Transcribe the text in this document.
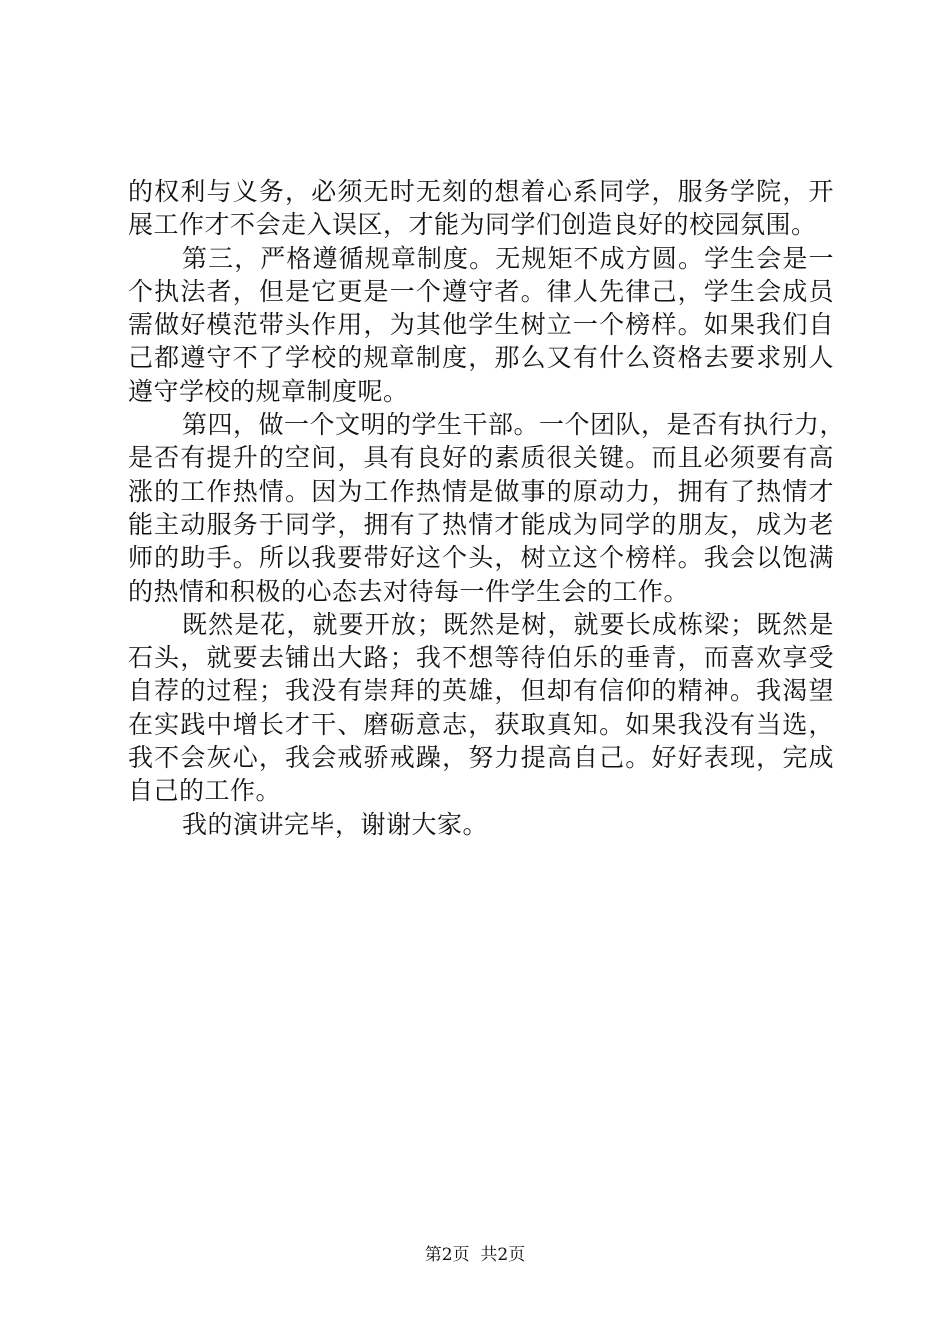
的权利与义务，必须无时无刻的想着心系同学，服务学院，开
展工作才不会走入误区，才能为同学们创造良好的校园氛围。
第三，严格遵循规章制度。无规矩不成方圆。学生会是一
个执法者，但是它更是一个遵守者。律人先律己，学生会成员
需做好模范带头作用，为其他学生树立一个榜样。如果我们自
己都遵守不了学校的规章制度，那么又有什么资格去要求别人
遵守学校的规章制度呢。
第四，做一个文明的学生干部。一个团队，是否有执行力，
是否有提升的空间，具有良好的素质很关键。而且必须要有高
涨的工作热情。因为工作热情是做事的原动力，拥有了热情才
能主动服务于同学，拥有了热情才能成为同学的朋友，成为老
师的助手。所以我要带好这个头，树立这个榜样。我会以饱满
的热情和积极的心态去对待每一件学生会的工作。
既然是花，就要开放；既然是树，就要长成栋梁；既然是
石头，就要去铺出大路；我不想等待伯乐的垂青，而喜欢享受
自荐的过程；我没有崇拜的英雄，但却有信仰的精神。我渴望
在实践中增长才干、磨砺意志，获取真知。如果我没有当选，
我不会灰心，我会戒骄戒躁，努力提高自己。好好表现，完成
自己的工作。
我的演讲完毕，谢谢大家。
第2页  共2页
